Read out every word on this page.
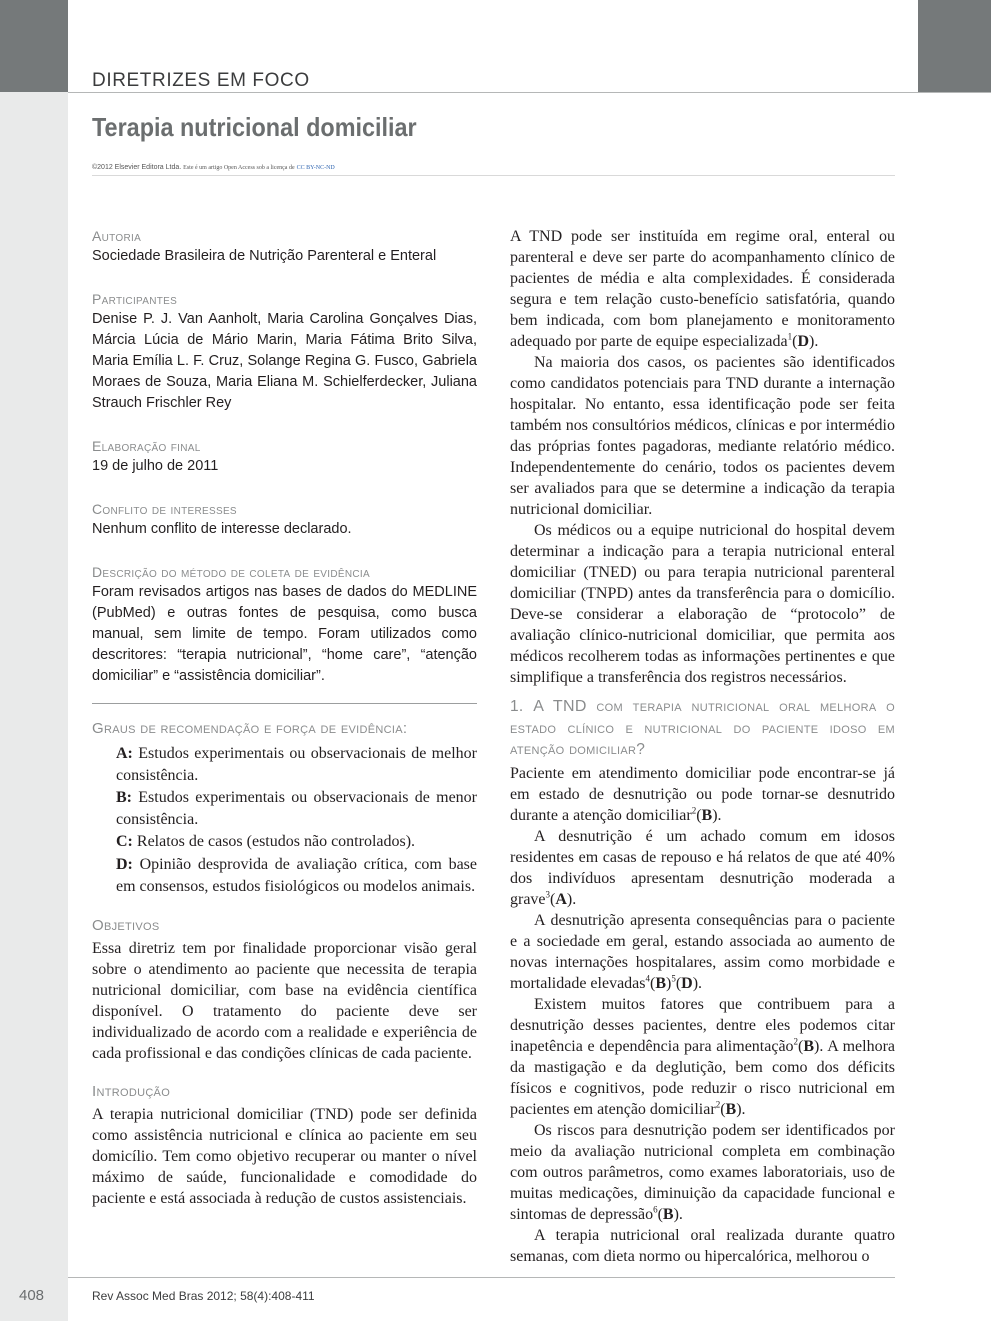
DIRETRIZES EM FOCO
Terapia nutricional domiciliar
©2012 Elsevier Editora Ltda. Este é um artigo Open Access sob a licença de CC BY-NC-ND

Autoria

Sociedade Brasileira de Nutrição Parenteral e Enteral

Participantes

Denise P. J. Van Aanholt, Maria Carolina Gonçalves Dias, Márcia Lúcia de Mário Marin, Maria Fátima Brito Silva, Maria Emília L. F. Cruz, Solange Regina G. Fusco, Gabriela Moraes de Souza, Maria Eliana M. Schielferdecker, Juliana Strauch Frischler Rey

Elaboração final

19 de julho de 2011

Conflito de interesses

Nenhum conflito de interesse declarado.

Descrição do método de coleta de evidência

Foram revisados artigos nas bases de dados do MEDLINE (PubMed) e outras fontes de pesquisa, como busca manual, sem limite de tempo. Foram utilizados como descritores: “terapia nutricional”, “home care”, “atenção domiciliar” e “assistência domiciliar”.

Graus de recomendação e força de evidência:

A: Estudos experimentais ou observacionais de melhor consistência.

B: Estudos experimentais ou observacionais de menor consistência.

C: Relatos de casos (estudos não controlados).

D: Opinião desprovida de avaliação crítica, com base em consensos, estudos fisiológicos ou modelos animais.

Objetivos

Essa diretriz tem por finalidade proporcionar visão geral sobre o atendimento ao paciente que necessita de terapia nutricional domiciliar, com base na evidência científica disponível. O tratamento do paciente deve ser individualizado de acordo com a realidade e experiência de cada profissional e das condições clínicas de cada paciente.

Introdução

A terapia nutricional domiciliar (TND) pode ser definida como assistência nutricional e clínica ao paciente em seu domicílio. Tem como objetivo recuperar ou manter o nível máximo de saúde, funcionalidade e comodidade do paciente e está associada à redução de custos assistenciais.

A TND pode ser instituída em regime oral, enteral ou parenteral e deve ser parte do acompanhamento clínico de pacientes de média e alta complexidades. É considerada segura e tem relação custo-benefício satisfatória, quando bem indicada, com bom planejamento e monitoramento adequado por parte de equipe especializada$^1$(D).

Na maioria dos casos, os pacientes são identificados como candidatos potenciais para TND durante a internação hospitalar. No entanto, essa identificação pode ser feita também nos consultórios médicos, clínicas e por intermédio das próprias fontes pagadoras, mediante relatório médico. Independentemente do cenário, todos os pacientes devem ser avaliados para que se determine a indicação da terapia nutricional domiciliar.

Os médicos ou a equipe nutricional do hospital devem determinar a indicação para a terapia nutricional enteral domiciliar (TNED) ou para terapia nutricional parenteral domiciliar (TNPD) antes da transferência para o domicílio. Deve-se considerar a elaboração de “protocolo” de avaliação clínico-nutricional domiciliar, que permita aos médicos recolherem todas as informações pertinentes e que simplifique a transferência dos registros necessários.

1. A TND com terapia nutricional oral melhora o estado clínico e nutricional do paciente idoso em atenção domiciliar?

Paciente em atendimento domiciliar pode encontrar-se já em estado de desnutrição ou pode tornar-se desnutrido durante a atenção domiciliar$^2$(B).

A desnutrição é um achado comum em idosos residentes em casas de repouso e há relatos de que até 40% dos indivíduos apresentam desnutrição moderada a grave$^3$(A).

A desnutrição apresenta consequências para o paciente e a sociedade em geral, estando associada ao aumento de novas internações hospitalares, assim como morbidade e mortalidade $elevadas^4(B)^5(D)$.

Existem muitos fatores que contribuem para a desnutrição desses pacientes, dentre eles podemos citar inapetência e dependência para alimentação$^2$(B). A melhora da mastigação e da deglutição, bem como dos déficits físicos e cognitivos, pode reduzir o risco nutricional em pacientes em atenção domiciliar$^2$(B).

Os riscos para desnutrição podem ser identificados por meio da avaliação nutricional completa em combinação com outros parâmetros, como exames laboratoriais, uso de muitas medicações, diminuição da capacidade funcional e sintomas de depressão$^6$(B).

A terapia nutricional oral realizada durante quatro semanas, com dieta normo ou hipercalórica, melhorou o

408	Rev Assoc Med Bras 2012; 58(4):408-411
